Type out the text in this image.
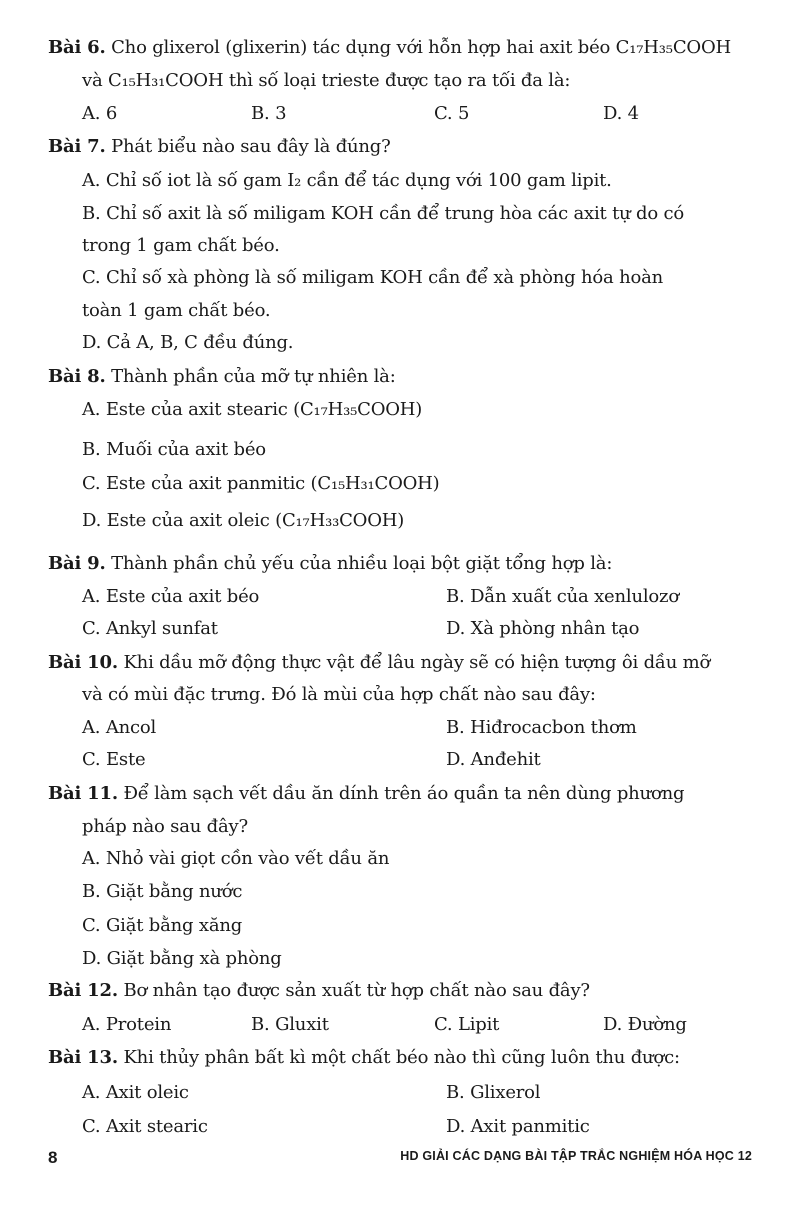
Bài 6. Cho glixerol (glixerin) tác dụng với hỗn hợp hai axit béo C₁₇H₃₅COOH
và C₁₅H₃₁COOH thì số loại trieste được tạo ra tối đa là:
A. 6	B. 3	C. 5	D. 4
Bài 7. Phát biểu nào sau đây là đúng?
A. Chỉ số iot là số gam I₂ cần để tác dụng với 100 gam lipit.
B. Chỉ số axit là số miligam KOH cần để trung hòa các axit tự do có
trong 1 gam chất béo.
C. Chỉ số xà phòng là số miligam KOH cần để xà phòng hóa hoàn
toàn 1 gam chất béo.
D. Cả A, B, C đều đúng.
Bài 8. Thành phần của mỡ tự nhiên là:
A. Este của axit stearic (C₁₇H₃₅COOH)
B. Muối của axit béo
C. Este của axit panmitic (C₁₅H₃₁COOH)
D. Este của axit oleic (C₁₇H₃₃COOH)
Bài 9. Thành phần chủ yếu của nhiều loại bột giặt tổng hợp là:
A. Este của axit béo	B. Dẫn xuất của xenlulozơ
C. Ankyl sunfat	D. Xà phòng nhân tạo
Bài 10. Khi dầu mỡ động thực vật để lâu ngày sẽ có hiện tượng ôi dầu mỡ
và có mùi đặc trưng. Đó là mùi của hợp chất nào sau đây:
A. Ancol	B. Hiđrocacbon thơm
C. Este	D. Anđehit
Bài 11. Để làm sạch vết dầu ăn dính trên áo quần ta nên dùng phương
pháp nào sau đây?
A. Nhỏ vài giọt cồn vào vết dầu ăn
B. Giặt bằng nước
C. Giặt bằng xăng
D. Giặt bằng xà phòng
Bài 12. Bơ nhân tạo được sản xuất từ hợp chất nào sau đây?
A. Protein	B. Gluxit	C. Lipit	D. Đường
Bài 13. Khi thủy phân bất kì một chất béo nào thì cũng luôn thu được:
A. Axit oleic	B. Glixerol
C. Axit stearic	D. Axit panmitic
8	HD GIẢI CÁC DẠNG BÀI TẬP TRẮC NGHIỆM HÓA HỌC 12
